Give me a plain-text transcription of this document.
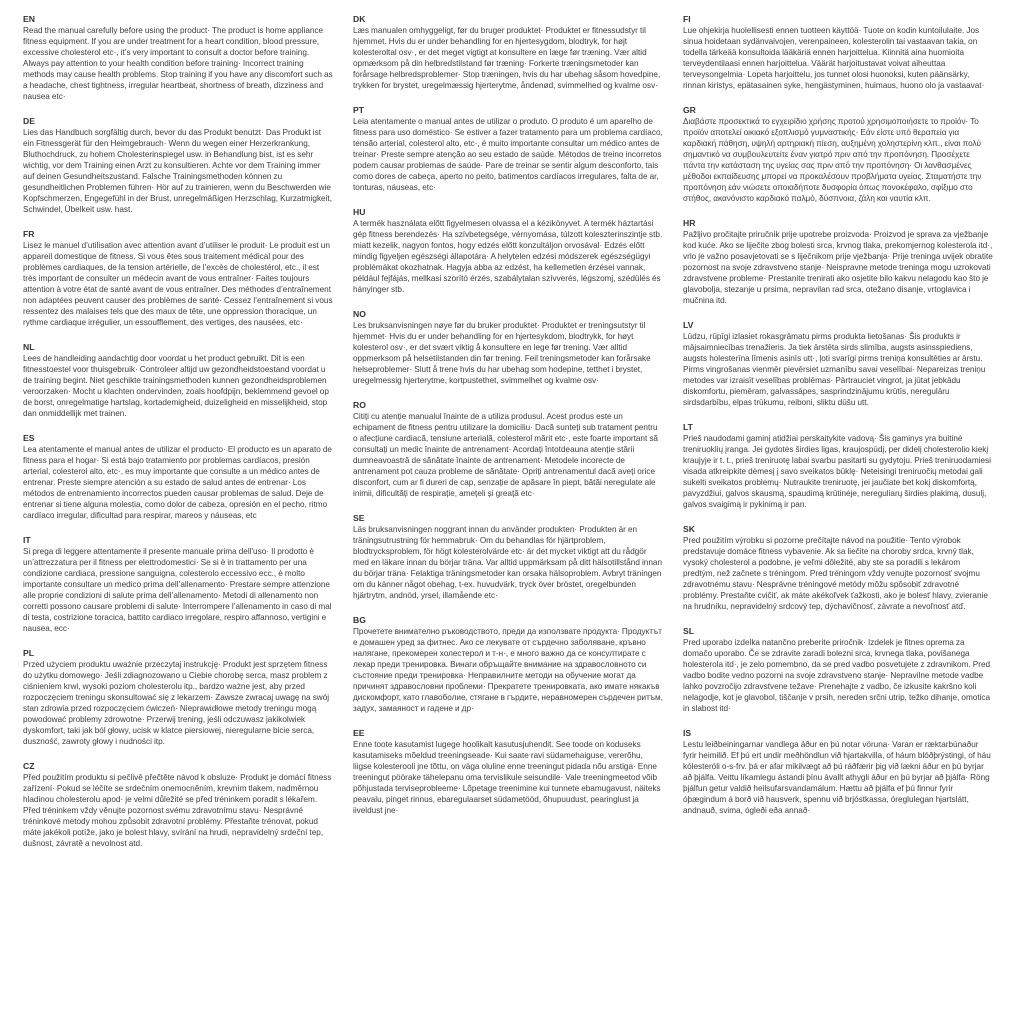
EN

Read the manual carefully before using the product· The product is home appliance fitness equipment. If you are under treatment for a heart condition, blood pressure, excessive cholesterol etc·, it’s very important to consult a doctor before training. Always pay attention to your health condition before training· Incorrect training methods may cause health problems. Stop training if you have any discomfort such as a headache, chest tightness, irregular heartbeat, shortness of breath, dizziness and nausea etc·

DE

Lies das Handbuch sorgfältig durch, bevor du das Produkt benutzt· Das Produkt ist ein Fitnessgerät für den Heimgebrauch· Wenn du wegen einer Herzerkrankung, Bluthochdruck, zu hohem Cholesterinspiegel usw. in Behandlung bist, ist es sehr wichtig, vor dem Training einen Arzt zu konsultieren. Achte vor dem Training immer auf deinen Gesundheitszustand. Falsche Trainingsmethoden können zu gesundheitlichen Problemen führen· Hör auf zu trainieren, wenn du Beschwerden wie Kopfschmerzen, Engegefühl in der Brust, unregelmäßigen Herzschlag, Kurzatmigkeit, Schwindel, Übelkeit usw. hast.

FR

Lisez le manuel d’utilisation avec attention avant d’utiliser le produit· Le produit est un appareil domestique de fitness. Si vous êtes sous traitement médical pour des problèmes cardiaques, de la tension artérielle, de l’excès de cholestérol, etc., il est très important de consulter un médecin avant de vous entraîner· Faites toujours attention à votre état de santé avant de vous entraîner. Des méthodes d’entraînement non adaptées peuvent causer des problèmes de santé· Cessez l’entraînement si vous ressentez des malaises tels que des maux de tête, une oppression thoracique, un rythme cardiaque irrégulier, un essoufflement, des vertiges, des nausées, etc·

NL

Lees de handleiding aandachtig door voordat u het product gebruikt. Dit is een fitnesstoestel voor thuisgebruik· Controleer altijd uw gezondheidstoestand voordat u de training begint. Niet geschikte trainingsmethoden kunnen gezondheidsproblemen veroorzaken· Mocht u klachten ondervinden, zoals hoofdpijn, beklemmend gevoel op de borst, onregelmatige hartslag, kortademigheid, duizeligheid en misselijkheid, stop dan onmiddellijk met trainen.

ES

Lea atentamente el manual antes de utilizar el producto· El producto es un aparato de fitness para el hogar· Si está bajo tratamiento por problemas cardíacos, presión arterial, colesterol alto, etc·, es muy importante que consulte a un médico antes de entrenar. Preste siempre atención a su estado de salud antes de entrenar· Los métodos de entrenamiento incorrectos pueden causar problemas de salud. Deje de entrenar si tiene alguna molestia, como dolor de cabeza, opresión en el pecho, ritmo cardíaco irregular, dificultad para respirar, mareos y náuseas, etc

IT

Si prega di leggere attentamente il presente manuale prima dell'uso· Il prodotto è un’attrezzatura per il fitness per elettrodomestici· Se si è in trattamento per una condizione cardiaca, pressione sanguigna, colesterolo eccessivo ecc., è molto importante consultare un medico prima dell’allenamento· Prestare sempre attenzione alle proprie condizioni di salute prima dell’allenamento· Metodi di allenamento non corretti possono causare problemi di salute· Interrompere l’allenamento in caso di mal di testa, costrizione toracica, battito cardiaco irregolare, respiro affannoso, vertigini e nausea, ecc·

PL

Przed użyciem produktu uważnie przeczytaj instrukcję· Produkt jest sprzętem fitness do użytku domowego· Jeśli zdiagnozowano u Ciebie chorobę serca, masz problem z ciśnieniem krwi, wysoki poziom cholesterolu itp., bardzo ważne jest, aby przed rozpoczęciem treningu skonsultować się z lekarzem· Zawsze zwracaj uwagę na swój stan zdrowia przed rozpoczęciem ćwiczeń· Nieprawidłowe metody treningu mogą powodować problemy zdrowotne· Przerwij trening, jeśli odczuwasz jakikolwiek dyskomfort, taki jak ból głowy, ucisk w klatce piersiowej, nieregularne bicie serca, duszność, zawroty głowy i nudności itp.

CZ

Před použitím produktu si pečlivě přečtěte návod k obsluze· Produkt je domácí fitness zařízení· Pokud se léčíte se srdečním onemocněním, krevním tlakem, nadměrnou hladinou cholesterolu apod· je velmi důležité se před tréninkem poradit s lékařem. Před tréninkem vždy věnujte pozornost svému zdravotnímu stavu· Nesprávné tréninkové metody mohou způsobit zdravotní problémy. Přestaňte trénovat, pokud máte jakékoli potíže, jako je bolest hlavy, svírání na hrudi, nepravidelný srdeční tep, dušnost, závratě a nevolnost atd.

DK

Læs manualen omhyggeligt, før du bruger produktet· Produktet er fitnessudstyr til hjemmet. Hvis du er under behandling for en hjertesygdom, blodtryk, for højt kolesteroltal osv·, er det meget vigtigt at konsultere en læge før træning. Vær altid opmærksom på din helbredstilstand før træning· Forkerte træningsmetoder kan forårsage helbredsproblemer· Stop træningen, hvis du har ubehag såsom hovedpine, trykken for brystet, uregelmæssig hjerterytme, åndenød, svimmelhed og kvalme osv·

PT

Leia atentamente o manual antes de utilizar o produto. O produto é um aparelho de fitness para uso doméstico· Se estiver a fazer tratamento para um problema cardíaco, tensão arterial, colesterol alto, etc·, é muito importante consultar um médico antes de treinar· Preste sempre atenção ao seu estado de saúde. Métodos de treino incorretos podem causar problemas de saúde· Pare de treinar se sentir algum desconforto, tais como dores de cabeça, aperto no peito, batimentos cardíacos irregulares, falta de ar, tonturas, náuseas, etc·

HU

A termék használata előtt figyelmesen olvassa el a kézikönyvet. A termék háztartási gép fitness berendezés· Ha szívbetegsége, vérnyomása, túlzott koleszterinszintje stb. miatt kezelik, nagyon fontos, hogy edzés előtt konzultáljon orvosával· Edzés előtt mindig figyeljen egészségi állapotára· A helytelen edzési módszerek egészségügyi problémákat okozhatnak. Hagyja abba az edzést, ha kellemetlen érzései vannak, például fejfájás, mellkasi szorító érzés, szabálytalan szívverés, légszomj, szédülés és hányinger stb.

NO

Les bruksanvisningen nøye før du bruker produktet· Produktet er treningsutstyr til hjemmet· Hvis du er under behandling for en hjertesykdom, blodtrykk, for høyt kolesterol osv·, er det svært viktig å konsultere en lege før trening. Vær alltid oppmerksom på helsetilstanden din før trening. Feil treningsmetoder kan forårsake helseproblemer· Slutt å trene hvis du har ubehag som hodepine, tetthet i brystet, uregelmessig hjerterytme, kortpustethet, svimmelhet og kvalme osv·

RO

Citiți cu atenție manualul înainte de a utiliza produsul. Acest produs este un echipament de fitness pentru utilizare la domiciliu· Dacă sunteți sub tratament pentru o afecțiune cardiacă, tensiune arterială, colesterol mărit etc·, este foarte important să consultați un medic înainte de antrenament· Acordați întotdeauna atenție stării dumneavoastră de sănătate înainte de antrenament· Metodele incorecte de antrenament pot cauza probleme de sănătate· Opriți antrenamentul dacă aveți orice disconfort, cum ar fi dureri de cap, senzație de apăsare în piept, bătăi neregulate ale inimii, dificultăți de respirație, amețeli și greață etc·

SE

Läs bruksanvisningen noggrant innan du använder produkten· Produkten är en träningsutrustning för hemmabruk· Om du behandlas för hjärtproblem, blodtrycksproblem, för högt kolesterolvärde etc· är det mycket viktigt att du rådgör med en läkare innan du börjar träna. Var alltid uppmärksam på ditt hälsotillstånd innan du börjar träna· Felaktiga träningsmetoder kan orsaka hälsoproblem. Avbryt träningen om du känner något obehag, t-ex. huvudvärk, tryck över bröstet, oregelbunden hjärtrytm, andnöd, yrsel, illamående etc·

BG

Прочетете внимателно ръководството, преди да използвате продукта· Продуктът е домашен уред за фитнес. Ако се лекувате от сърдечно заболяване, кръвно налягане, прекомерен холестерол и т-н·, е много важно да се консултирате с лекар преди тренировка. Винаги обръщайте внимание на здравословното си състояние преди тренировка· Неправилните методи на обучение могат да причинят здравословни проблеми· Прекратете тренировката, ако имате някакъв дискомфорт, като главоболие, стягане в гърдите, неравномерен сърдечен ритъм, задух, замаяност и гадене и др·

EE

Enne toote kasutamist lugege hoolikalt kasutusjuhendit. See toode on koduseks kasutamiseks mõeldud treeningseade· Kui saate ravi südamehaiguse, vererõhu, liigse kolesterooli jne tõttu, on väga oluline enne treeningut pidada nõu arstiga· Enne treeningut pöörake tähelepanu oma tervislikule seisundile· Vale treeningmeetod võib põhjustada terviseprobleeme· Lõpetage treenimine kui tunnete ebamugavust, näiteks peavalu, pinget rinnus, ebaregulaarset südametööd, õhupuudust, pearinglust ja iiveldust jne·

FI

Lue ohjekirja huolellisesti ennen tuotteen käyttöä· Tuote on kodin kuntoilulaite. Jos sinua hoidetaan sydänvaivojen, verenpaineen, kolesterolin tai vastaavan takia, on todella tärkeää konsultoida lääkäriä ennen harjoittelua. Kiinnitä aina huomioita terveydentilaasi ennen harjoittelua. Väärät harjoitustavat voivat aiheuttaa terveysongelmia· Lopeta harjoittelu, jos tunnet olosi huonoksi, kuten päänsärky, rinnan kiristys, epätasainen syke, hengästyminen, huimaus, huono olo ja vastaavat·

GR

Διαβάστε προσεκτικά το εγχειρίδιο χρήσης προτού χρησιμοποιήσετε το προϊόν· Το προϊόν αποτελεί οικιακό εξοπλισμό γυμναστικής· Εάν είστε υπό θεραπεία για καρδιακή πάθηση, υψηλή αρτηριακή πίεση, αυξημένη χοληστερίνη κλπ., είναι πολύ σημαντικό να συμβουλευτείτε έναν γιατρό πριν από την προπόνηση. Προσέχετε πάντα την κατάσταση της υγείας σας πριν από την προπόνηση· Οι λανθασμένες μέθοδοι εκπαίδευσης μπορεί να προκαλέσουν προβλήματα υγείας. Σταματήστε την προπόνηση εάν νιώσετε οποιαδήποτε δυσφορία όπως πονοκέφαλο, σφίξιμο στο στήθος, ακανόνιστο καρδιακό παλμό, δύσπνοια, ζάλη και ναυτία κλπ.

HR

Pažljivo pročitajte priručnik prije upotrebe proizvoda· Proizvod je sprava za vježbanje kod kuće. Ako se liječite zbog bolesti srca, krvnog tlaka, prekomjernog kolesterola itd·, vrlo je važno posavjetovati se s liječnikom prije vježbanja· Prije treninga uvijek obratite pozornost na svoje zdravstveno stanje· Neispravne metode treninga mogu uzrokovati zdravstvene probleme· Prestanite trenirati ako osjetite bilo kakvu nelagodu kao što je glavobolja, stezanje u prsima, nepravilan rad srca, otežano disanje, vrtoglavica i mučnina itd.

LV

Lūdzu, rūpīgi izlasiet rokasgrāmatu pirms produkta lietošanas· Šis produkts ir mājsaimniecības trenažieris. Ja tiek ārstēta sirds slimība, augsts asinsspiediens, augsts holesterīna līmenis asinīs utt·, ļoti svarīgi pirms treniņa konsultēties ar ārstu. Pirms vingrošanas vienmēr pievērsiet uzmanību savai veselībai· Nepareizas treniņu metodes var izraisīt veselības problēmas· Pārtrauciet vingrot, ja jūtat jebkādu diskomfortu, piemēram, galvassāpes, sasprindzinājumu krūtīs, neregulāru sirdsdarbību, elpas trūkumu, reiboni, sliktu dūšu utt.

LT

Prieš naudodami gaminį atidžiai perskaitykite vadovą· Šis gaminys yra buitinė treniruoklių įranga. Jei gydotės širdies ligas, kraujospūdį, per didelį cholesterolio kiekį kraujyje ir t. t., prieš treniruotę labai svarbu pasitarti su gydytoju. Prieš treniruodamiesi visada atkreipkite dėmesį į savo sveikatos būklę· Neteisingi treniruočių metodai gali sukelti sveikatos problemų· Nutraukite treniruotę, jei jaučiate bet kokį diskomfortą, pavyzdžiui, galvos skausmą, spaudimą krūtinėje, nereguliarų širdies plakimą, dusulį, galvos svaigimą ir pykinimą ir pan.

SK

Pred použitím výrobku si pozorne prečítajte návod na použitie· Tento výrobok predstavuje domáce fitness vybavenie. Ak sa liečite na choroby srdca, krvný tlak, vysoký cholesterol a podobne, je veľmi dôležité, aby ste sa poradili s lekárom predtým, než začnete s tréningom. Pred tréningom vždy venujte pozornosť svojmu zdravotnému stavu· Nesprávne tréningové metódy môžu spôsobiť zdravotné problémy. Prestaňte cvičiť, ak máte akékoľvek ťažkosti, ako je bolesť hlavy, zvieranie na hrudníku, nepravidelný srdcový tep, dýchavičnosť, závrate a nevoľnosť atď.

SL

Pred uporabo izdelka natančno preberite priročnik· Izdelek je fitnes oprema za domačo uporabo. Če se zdravite zaradi bolezni srca, krvnega tlaka, povišanega holesterola itd·, je zelo pomembno, da se pred vadbo posvetujete z zdravnikom. Pred vadbo bodite vedno pozorni na svoje zdravstveno stanje· Nepravilne metode vadbe lahko povzročijo zdravstvene težave· Prenehajte z vadbo, če izkusite kakršno koli nelagodje, kot je glavobol, tiščanje v prsih, nereden srčni utrip, težko dihanje, omotica in slabost itd·

IS

Lestu leiðbeiningarnar vandlega áður en þú notar vöruna· Varan er ræktarbúnaður fyrir heimilið. Ef þú ert undir meðhöndlun við hjartakvilla, of háum blóðþrýstingi, of háu kólesteróli o-s-frv. þá er afar mikilvægt að þú ráðfærir þig við lækni áður en þú byrjar að þjálfa. Veittu líkamlegu ástandi þínu ávallt athygli áður en þú byrjar að þjálfa· Röng þjálfun getur valdið heilsufarsvandamálum. Hættu að þjálfa ef þú finnur fyrir óþægindum á borð við hausverk, spennu við brjóstkassa, óreglulegan hjartslátt, andnauð, svima, ógleði eða annað·
